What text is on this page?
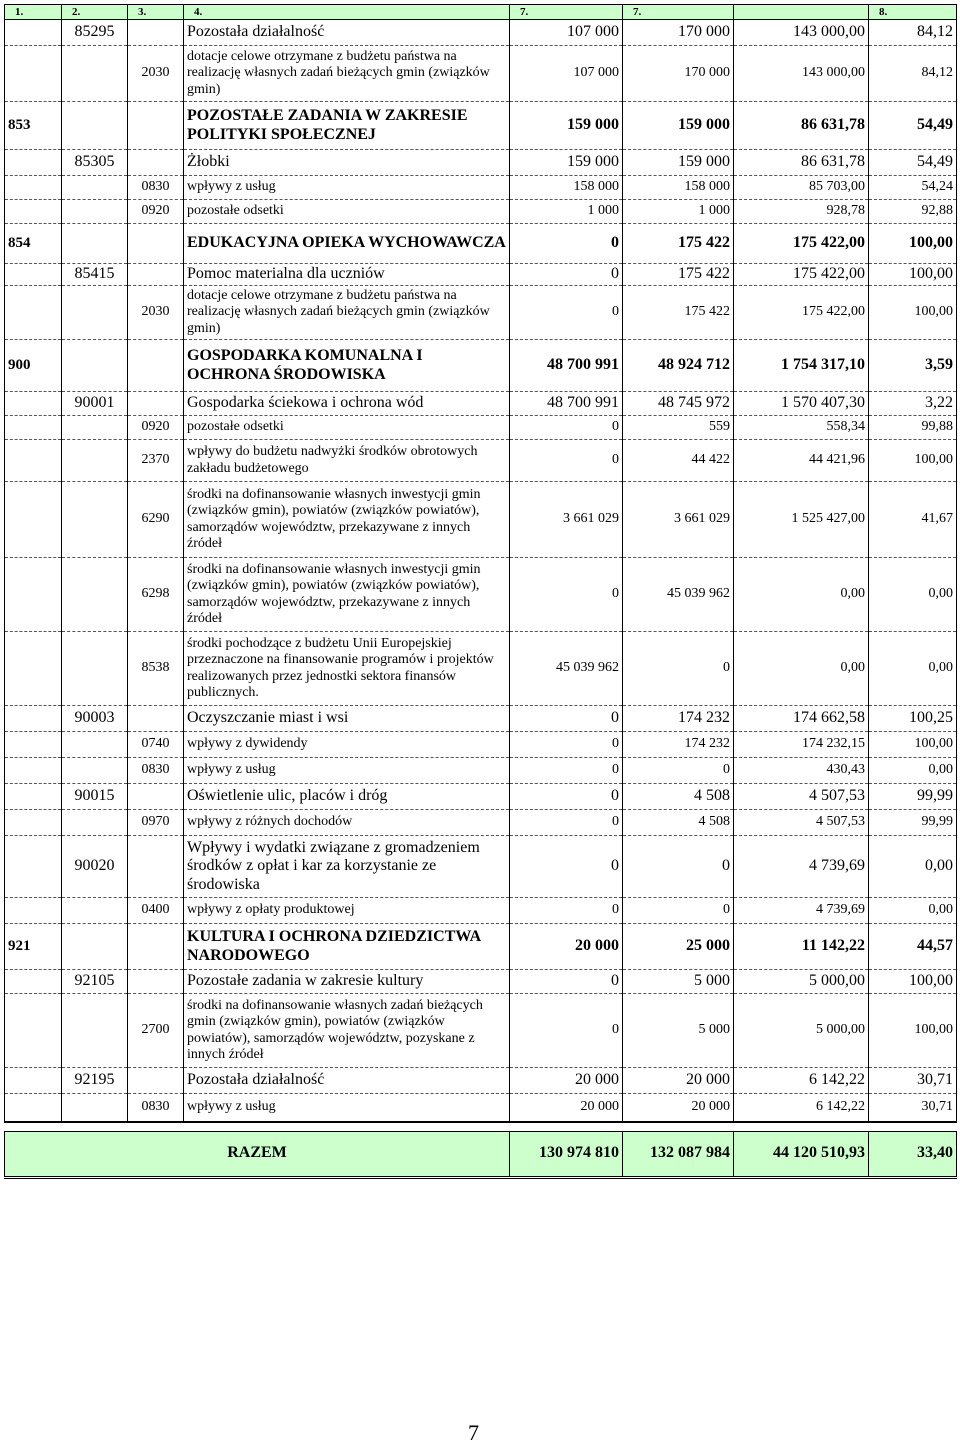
1.	2.	3.	4.	7.	7.		8.
	85295		Pozostała działalność	107 000	170 000	143 000,00	84,12
		2030	dotacje celowe otrzymane z budżetu państwa na realizację własnych zadań bieżących gmin (związków gmin)	107 000	170 000	143 000,00	84,12
853			POZOSTAŁE ZADANIA W ZAKRESIE POLITYKI SPOŁECZNEJ	159 000	159 000	86 631,78	54,49
	85305		Żłobki	159 000	159 000	86 631,78	54,49
		0830	wpływy z usług	158 000	158 000	85 703,00	54,24
		0920	pozostałe odsetki	1 000	1 000	928,78	92,88
854			EDUKACYJNA OPIEKA WYCHOWAWCZA	0	175 422	175 422,00	100,00
	85415		Pomoc materialna dla uczniów	0	175 422	175 422,00	100,00
		2030	dotacje celowe otrzymane z budżetu państwa na realizację własnych zadań bieżących gmin (związków gmin)	0	175 422	175 422,00	100,00
900			GOSPODARKA KOMUNALNA I OCHRONA ŚRODOWISKA	48 700 991	48 924 712	1 754 317,10	3,59
	90001		Gospodarka ściekowa i ochrona wód	48 700 991	48 745 972	1 570 407,30	3,22
		0920	pozostałe odsetki	0	559	558,34	99,88
		2370	wpływy do budżetu nadwyżki środków obrotowych zakładu budżetowego	0	44 422	44 421,96	100,00
		6290	środki na dofinansowanie własnych inwestycji gmin (związków gmin), powiatów (związków powiatów), samorządów województw, przekazywane z innych źródeł	3 661 029	3 661 029	1 525 427,00	41,67
		6298	środki na dofinansowanie własnych inwestycji gmin (związków gmin), powiatów (związków powiatów), samorządów województw, przekazywane z innych źródeł	0	45 039 962	0,00	0,00
		8538	środki pochodzące z budżetu Unii Europejskiej przeznaczone na finansowanie programów i projektów realizowanych przez jednostki sektora finansów publicznych.	45 039 962	0	0,00	0,00
	90003		Oczyszczanie miast i wsi	0	174 232	174 662,58	100,25
		0740	wpływy z dywidendy	0	174 232	174 232,15	100,00
		0830	wpływy z usług	0	0	430,43	0,00
	90015		Oświetlenie ulic, placów i dróg	0	4 508	4 507,53	99,99
		0970	wpływy z różnych dochodów	0	4 508	4 507,53	99,99
	90020		Wpływy i wydatki związane z gromadzeniem środków z opłat i kar za korzystanie ze środowiska	0	0	4 739,69	0,00
		0400	wpływy z opłaty produktowej	0	0	4 739,69	0,00
921			KULTURA I OCHRONA DZIEDZICTWA NARODOWEGO	20 000	25 000	11 142,22	44,57
	92105		Pozostałe zadania w zakresie kultury	0	5 000	5 000,00	100,00
		2700	środki na dofinansowanie własnych zadań bieżących gmin (związków gmin), powiatów (związków powiatów), samorządów województw, pozyskane z innych źródeł	0	5 000	5 000,00	100,00
	92195		Pozostała działalność	20 000	20 000	6 142,22	30,71
		0830	wpływy z usług	20 000	20 000	6 142,22	30,71

RAZEM				130 974 810	132 087 984	44 120 510,93	33,40
7
